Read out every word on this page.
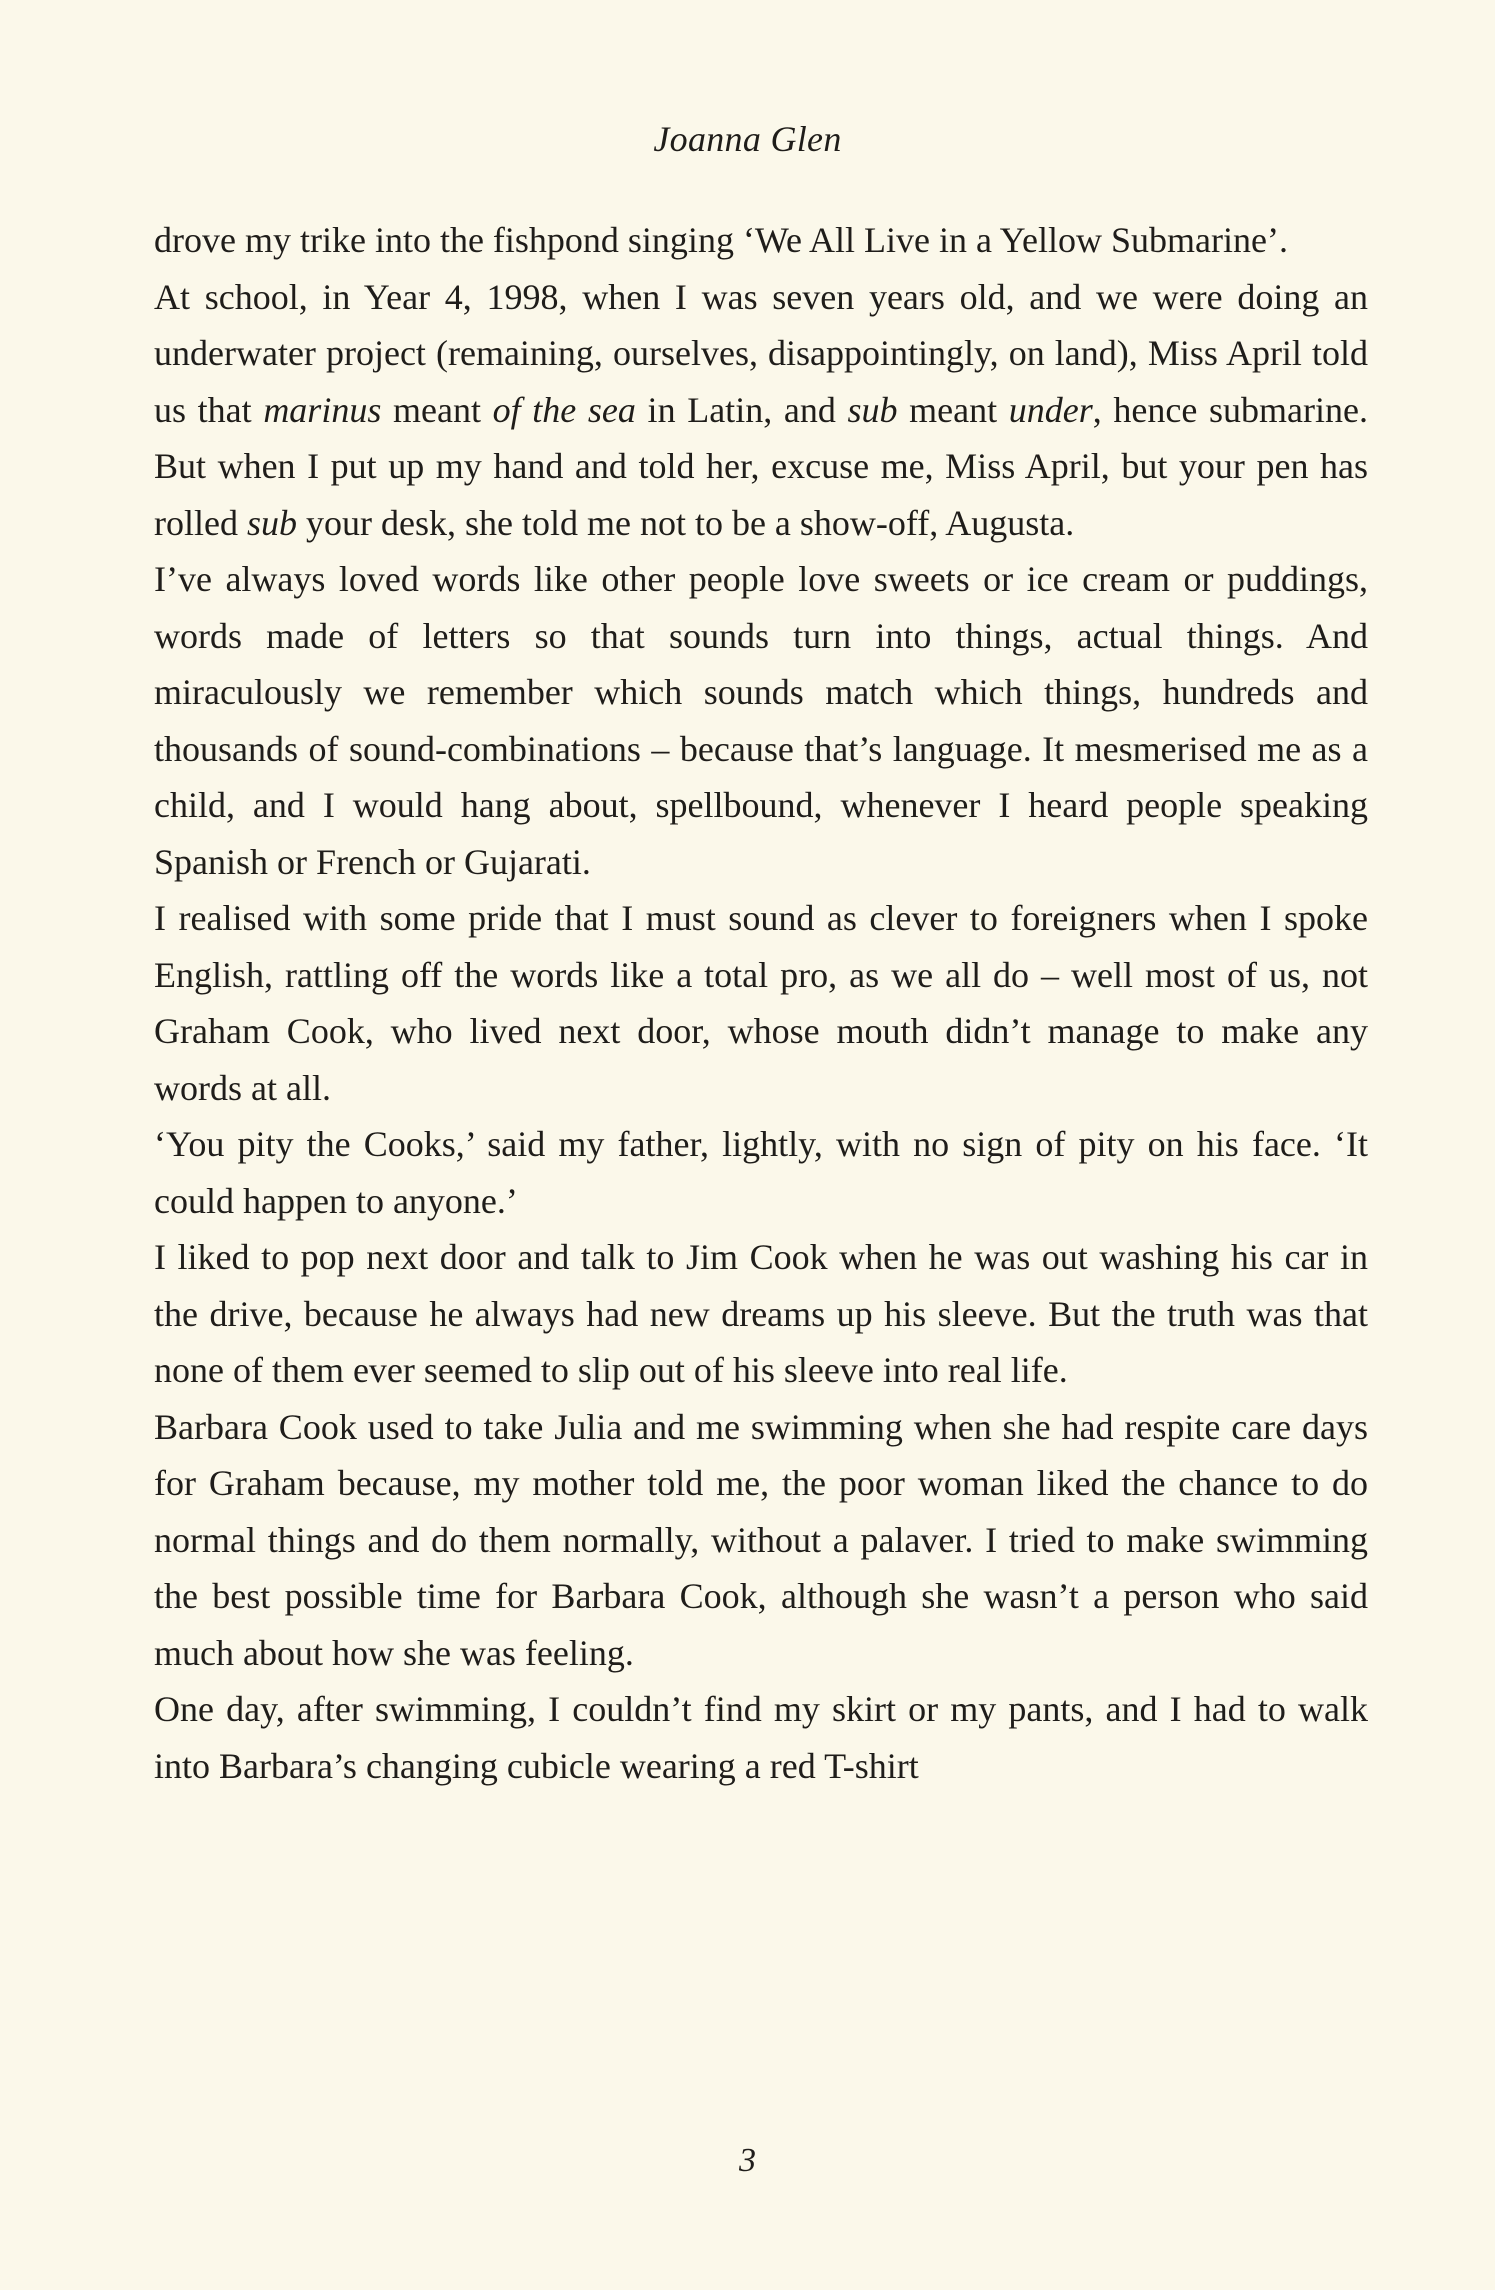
Joanna Glen

drove my trike into the fishpond singing ‘We All Live in a Yellow Submarine’.

At school, in Year 4, 1998, when I was seven years old, and we were doing an underwater project (remaining, ourselves, disappointingly, on land), Miss April told us that marinus meant of the sea in Latin, and sub meant under, hence submarine. But when I put up my hand and told her, excuse me, Miss April, but your pen has rolled sub your desk, she told me not to be a show-off, Augusta.

I’ve always loved words like other people love sweets or ice cream or puddings, words made of letters so that sounds turn into things, actual things. And miraculously we remember which sounds match which things, hundreds and thousands of sound-combinations – because that’s language. It mesmerised me as a child, and I would hang about, spellbound, whenever I heard people speaking Spanish or French or Gujarati.

I realised with some pride that I must sound as clever to foreigners when I spoke English, rattling off the words like a total pro, as we all do – well most of us, not Graham Cook, who lived next door, whose mouth didn’t manage to make any words at all.

‘You pity the Cooks,’ said my father, lightly, with no sign of pity on his face. ‘It could happen to anyone.’

I liked to pop next door and talk to Jim Cook when he was out washing his car in the drive, because he always had new dreams up his sleeve. But the truth was that none of them ever seemed to slip out of his sleeve into real life.

Barbara Cook used to take Julia and me swimming when she had respite care days for Graham because, my mother told me, the poor woman liked the chance to do normal things and do them normally, without a palaver. I tried to make swimming the best possible time for Barbara Cook, although she wasn’t a person who said much about how she was feeling.

One day, after swimming, I couldn’t find my skirt or my pants, and I had to walk into Barbara’s changing cubicle wearing a red T-shirt

3
